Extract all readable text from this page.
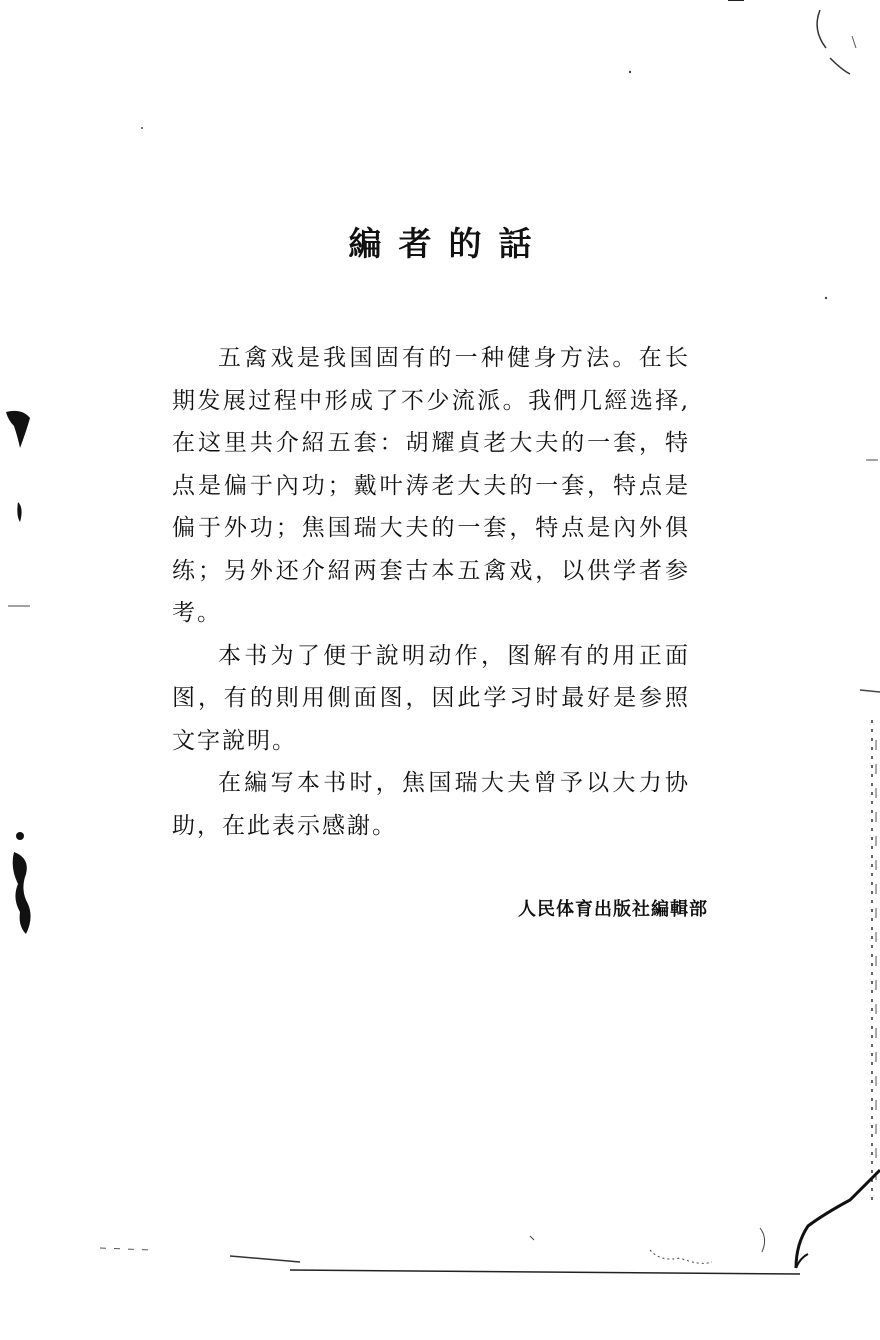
編者的話

五禽戏是我国固有的一种健身方法。在长期发展过程中形成了不少流派。我們几經选择,在这里共介紹五套：胡耀貞老大夫的一套，特点是偏于內功；戴叶涛老大夫的一套，特点是偏于外功；焦国瑞大夫的一套，特点是內外俱练；另外还介紹两套古本五禽戏，以供学者参考。

本书为了便于說明动作，图解有的用正面图，有的則用側面图，因此学习时最好是参照文字說明。

在編写本书时，焦国瑞大夫曾予以大力协助，在此表示感謝。

人民体育出版社編輯部
